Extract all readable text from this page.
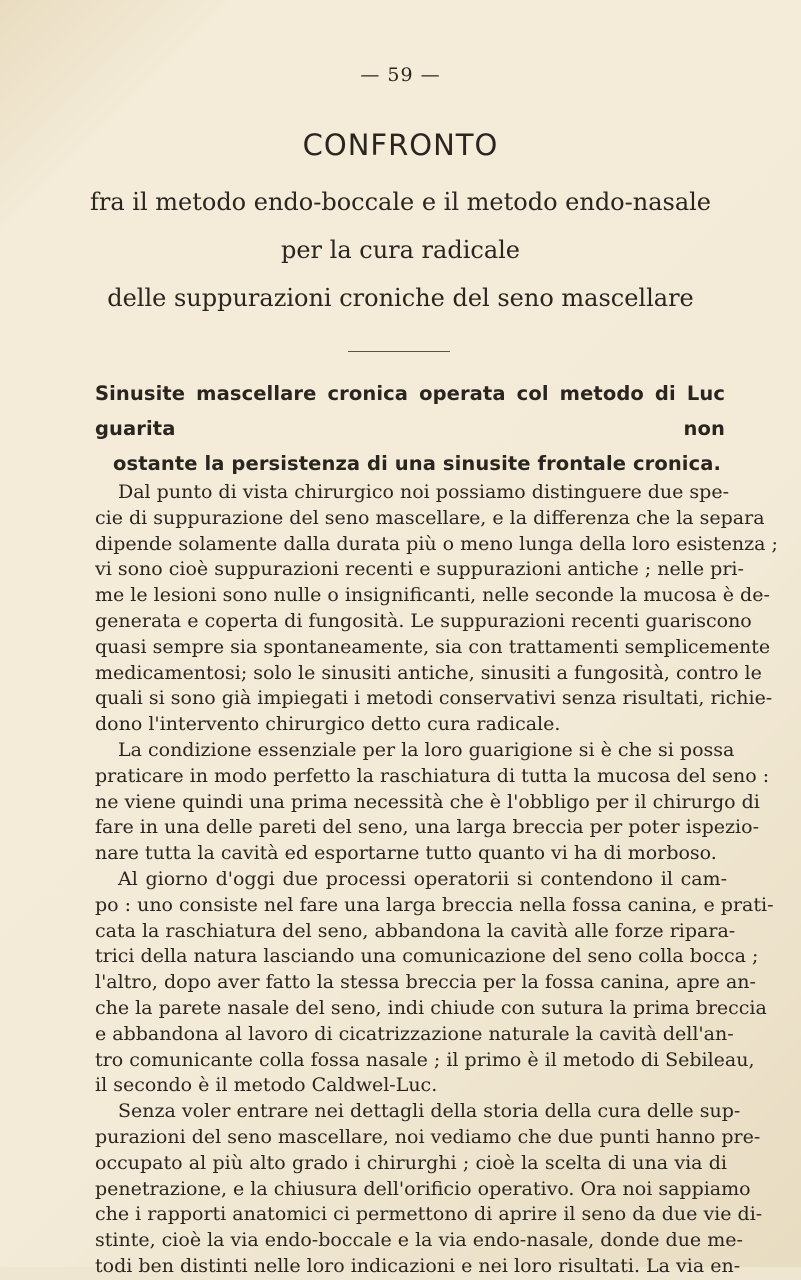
— 59 —
CONFRONTO
fra il metodo endo-boccale e il metodo endo-nasale
per la cura radicale
delle suppurazioni croniche del seno mascellare
Sinusite mascellare cronica operata col metodo di Luc guarita non
ostante la persistenza di una sinusite frontale cronica.

Dal punto di vista chirurgico noi possiamo distinguere due spe-
cie di suppurazione del seno mascellare, e la differenza che la separa
dipende solamente dalla durata più o meno lunga della loro esistenza ;
vi sono cioè suppurazioni recenti e suppurazioni antiche ; nelle pri-
me le lesioni sono nulle o insignificanti, nelle seconde la mucosa è de-
generata e coperta di fungosità. Le suppurazioni recenti guariscono
quasi sempre sia spontaneamente, sia con trattamenti semplicemente
medicamentosi; solo le sinusiti antiche, sinusiti a fungosità, contro le
quali si sono già impiegati i metodi conservativi senza risultati, richie-
dono l'intervento chirurgico detto cura radicale.

La condizione essenziale per la loro guarigione si è che si possa
praticare in modo perfetto la raschiatura di tutta la mucosa del seno :
ne viene quindi una prima necessità che è l'obbligo per il chirurgo di
fare in una delle pareti del seno, una larga breccia per poter ispezio-
nare tutta la cavità ed esportarne tutto quanto vi ha di morboso.

Al giorno d'oggi due processi operatorii si contendono il cam-
po : uno consiste nel fare una larga breccia nella fossa canina, e prati-
cata la raschiatura del seno, abbandona la cavità alle forze ripara-
trici della natura lasciando una comunicazione del seno colla bocca ;
l'altro, dopo aver fatto la stessa breccia per la fossa canina, apre an-
che la parete nasale del seno, indi chiude con sutura la prima breccia
e abbandona al lavoro di cicatrizzazione naturale la cavità dell'an-
tro comunicante colla fossa nasale ; il primo è il metodo di Sebileau,
il secondo è il metodo Caldwel-Luc.

Senza voler entrare nei dettagli della storia della cura delle sup-
purazioni del seno mascellare, noi vediamo che due punti hanno pre-
occupato al più alto grado i chirurghi ; cioè la scelta di una via di
penetrazione, e la chiusura dell'orificio operativo. Ora noi sappiamo
che i rapporti anatomici ci permettono di aprire il seno da due vie di-
stinte, cioè la via endo-boccale e la via endo-nasale, donde due me-
todi ben distinti nelle loro indicazioni e nei loro risultati. La via en-
